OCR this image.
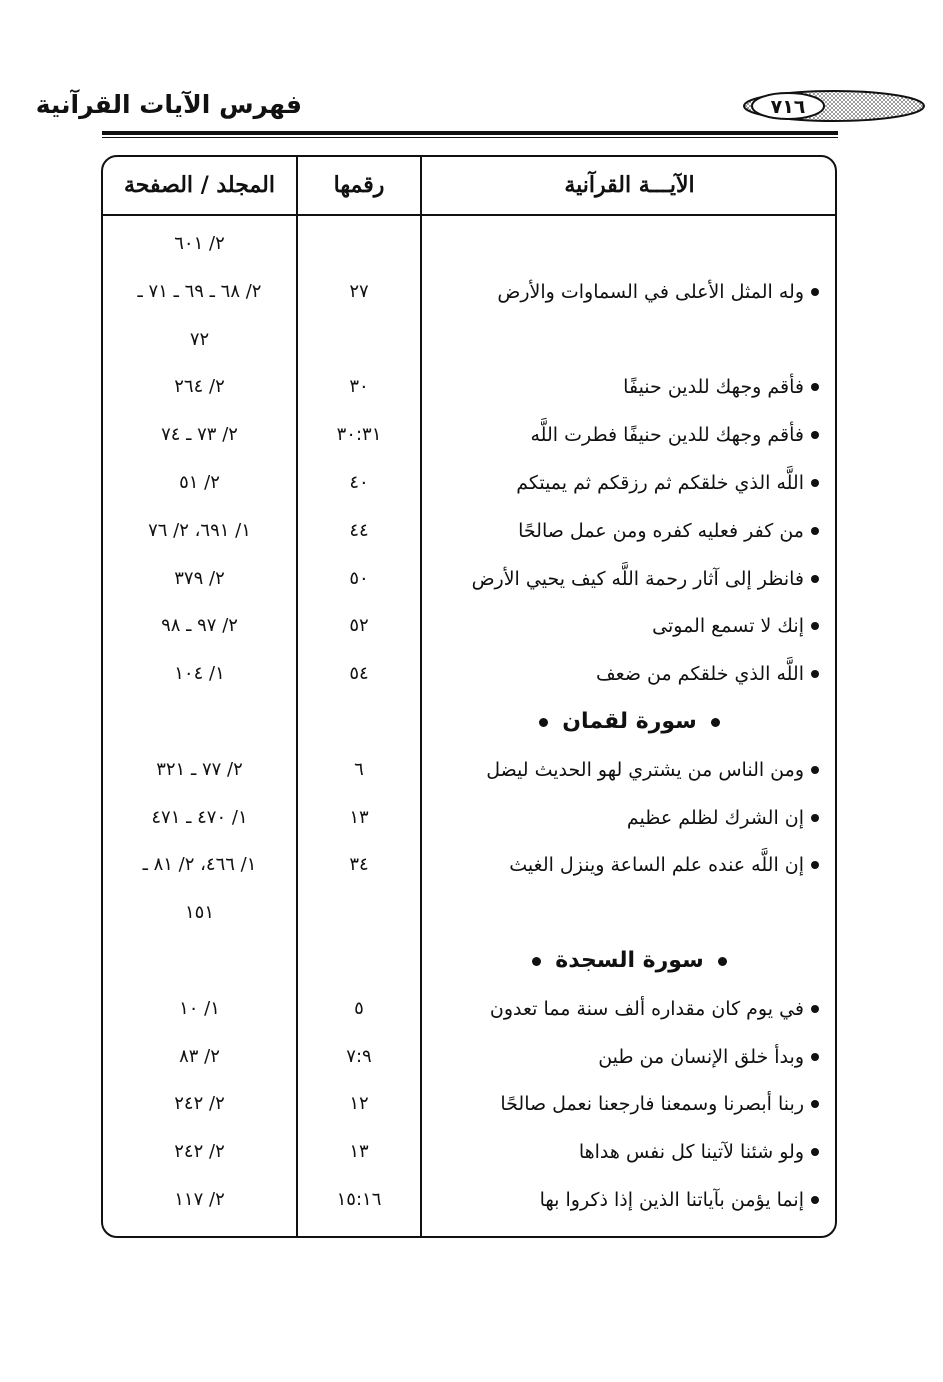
فهرس الآيات القرآنية	٧١٦
المجلد / الصفحة	رقمها	الآيـــة القرآنية
٢/ ٦٠١
٢/ ٦٨ ـ ٦٩ ـ ٧١ ـ	٢٧	وله المثل الأعلى في السماوات والأرض
٧٢
٢/ ٢٦٤	٣٠	فأقم وجهك للدين حنيفًا
٢/ ٧٣ ـ ٧٤	٣٠:٣١	فأقم وجهك للدين حنيفًا فطرت اللَّه
٢/ ٥١	٤٠	اللَّه الذي خلقكم ثم رزقكم ثم يميتكم
١/ ٦٩١، ٢/ ٧٦	٤٤	من كفر فعليه كفره ومن عمل صالحًا
٢/ ٣٧٩	٥٠	فانظر إلى آثار رحمة اللَّه كيف يحيي الأرض
٢/ ٩٧ ـ ٩٨	٥٢	إنك لا تسمع الموتى
١/ ١٠٤	٥٤	اللَّه الذي خلقكم من ضعف
سورة لقمان
٢/ ٧٧ ـ ٣٢١	٦	ومن الناس من يشتري لهو الحديث ليضل
١/ ٤٧٠ ـ ٤٧١	١٣	إن الشرك لظلم عظيم
١/ ٤٦٦، ٢/ ٨١ ـ	٣٤	إن اللَّه عنده علم الساعة وينزل الغيث
١٥١
سورة السجدة
١/ ١٠	٥	في يوم كان مقداره ألف سنة مما تعدون
٢/ ٨٣	٧:٩	وبدأ خلق الإنسان من طين
٢/ ٢٤٢	١٢	ربنا أبصرنا وسمعنا فارجعنا نعمل صالحًا
٢/ ٢٤٢	١٣	ولو شئنا لآتينا كل نفس هداها
٢/ ١١٧	١٥:١٦	إنما يؤمن بآياتنا الذين إذا ذكروا بها
